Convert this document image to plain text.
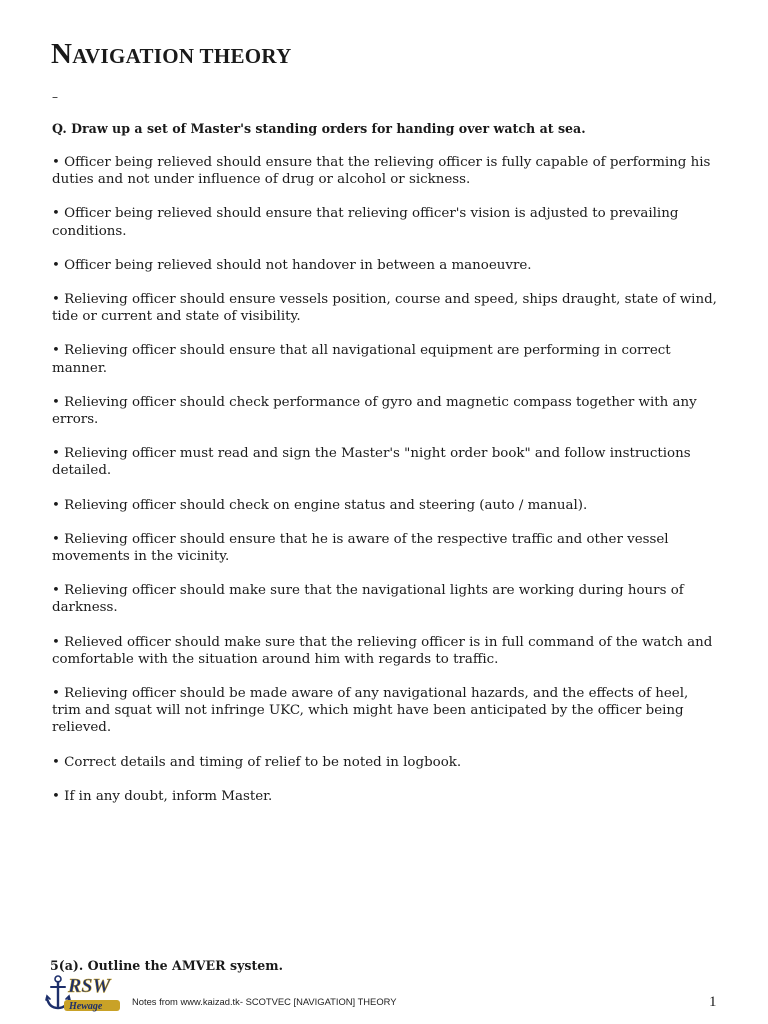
NAVIGATION THEORY
–
Q. Draw up a set of Master's standing orders for handing over watch at sea.

• Officer being relieved should ensure that the relieving officer is fully capable of performing his duties and not under influence of drug or alcohol or sickness.

• Officer being relieved should ensure that relieving officer's vision is adjusted to prevailing conditions.

• Officer being relieved should not handover in between a manoeuvre.

• Relieving officer should ensure vessels position, course and speed, ships draught, state of wind, tide or current and state of visibility.

• Relieving officer should ensure that all navigational equipment are performing in correct manner.

• Relieving officer should check performance of gyro and magnetic compass together with any errors.

• Relieving officer must read and sign the Master's "night order book" and follow instructions detailed.

• Relieving officer should check on engine status and steering (auto / manual).

• Relieving officer should ensure that he is aware of the respective traffic and other vessel movements in the vicinity.

• Relieving officer should make sure that the navigational lights are working during hours of darkness.

• Relieved officer should make sure that the relieving officer is in full command of the watch and comfortable with the situation around him with regards to traffic.

• Relieving officer should be made aware of any navigational hazards, and the effects of heel, trim and squat will not infringe UKC, which might have been anticipated by the officer being relieved.

• Correct details and timing of relief to be noted in logbook.

• If in any doubt, inform Master.

5(a). Outline the AMVER system.
RSW
Hewage	Notes from www.kaizad.tk- SCOTVEC [NAVIGATION] THEORY	1
